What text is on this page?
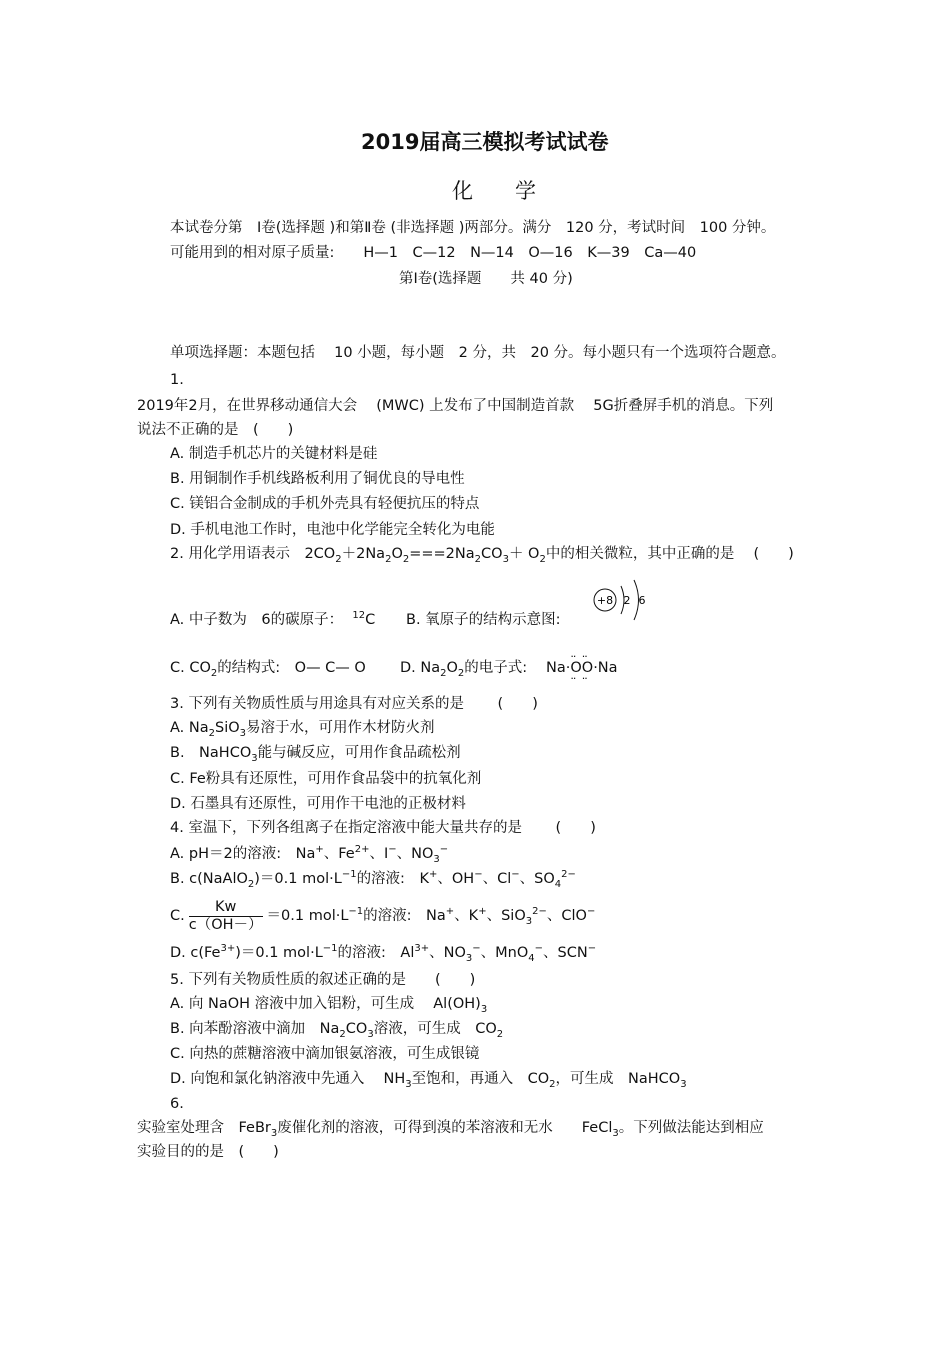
2019届高三模拟考试试卷
化　　学
本试卷分第　Ⅰ卷(选择题 )和第Ⅱ卷 (非选择题 )两部分。满分　120 分，考试时间　100 分钟。
可能用到的相对原子质量:　　H—1　C—12　N—14　O—16　K—39　Ca—40
第Ⅰ卷(选择题　　共 40 分)
单项选择题：本题包括　 10 小题，每小题　2 分，共　20 分。每小题只有一个选项符合题意。
1.
2019年2月，在世界移动通信大会　 (MWC) 上发布了中国制造首款　 5G折叠屏手机的消息。下列
说法不正确的是　(　　)
A. 制造手机芯片的关键材料是硅
B. 用铜制作手机线路板利用了铜优良的导电性
C. 镁铝合金制成的手机外壳具有轻便抗压的特点
D. 手机电池工作时，电池中化学能完全转化为电能
2. 用化学用语表示　$2CO_2+2Na_2O_2===2Na_2CO_3+ O_2$中的相关微粒，其中正确的是　 (　　)
A. 中子数为　6的碳原子： $^{12}$C B. 氧原子的结构示意图:
+8 2 6
C. $CO_2$的结构式:　O— C— O D. $Na_2O_2$的电子式: Na··· O ···· O ···Na
3. 下列有关物质性质与用途具有对应关系的是　　 (　　)
A. $Na_2SiO_3$易溶于水，可用作木材防火剂
B.　NaHCO$_3$能与碱反应，可用作食品疏松剂
C. Fe粉具有还原性，可用作食品袋中的抗氧化剂
D. 石墨具有还原性，可用作干电池的正极材料
4. 室温下，下列各组离子在指定溶液中能大量共存的是　　 (　　)
A. pH＝2的溶液:　Na+、$Fe^{2+}$、I−、$NO_3^-$
B. c(NaAlO$_2$)＝0.1 $mol\cdot L^{-1}$的溶液:　K+、OH−、Cl−、$SO_4^{2-}$
C. $\frac{Kw}{c(OH-)} =0.1$ $mol\cdot L^{-1}$的溶液:　Na+、K+、SiO$_3^{2-}$、ClO−
D. $c(Fe^{3+})=0.1$ $mol\cdot L^{-1}$的溶液:　$Al^{3+}$、$NO_3^-$、MnO$_4$−、SCN−
5. 下列有关物质性质的叙述正确的是　　(　　)
A. 向 NaOH 溶液中加入铝粉，可生成　 $Al(OH)_3$
B. 向苯酚溶液中滴加　$Na_2CO_3$溶液，可生成　$CO_2$
C. 向热的蔗糖溶液中滴加银氨溶液，可生成银镜
D. 向饱和氯化钠溶液中先通入　 $NH_3$至饱和，再通入　$CO_2$，可生成　NaHCO$_3$
6.
实验室处理含　FeBr$_3$废催化剂的溶液，可得到溴的苯溶液和无水　　FeCl$_3$。下列做法能达到相应
实验目的的是　(　　)
